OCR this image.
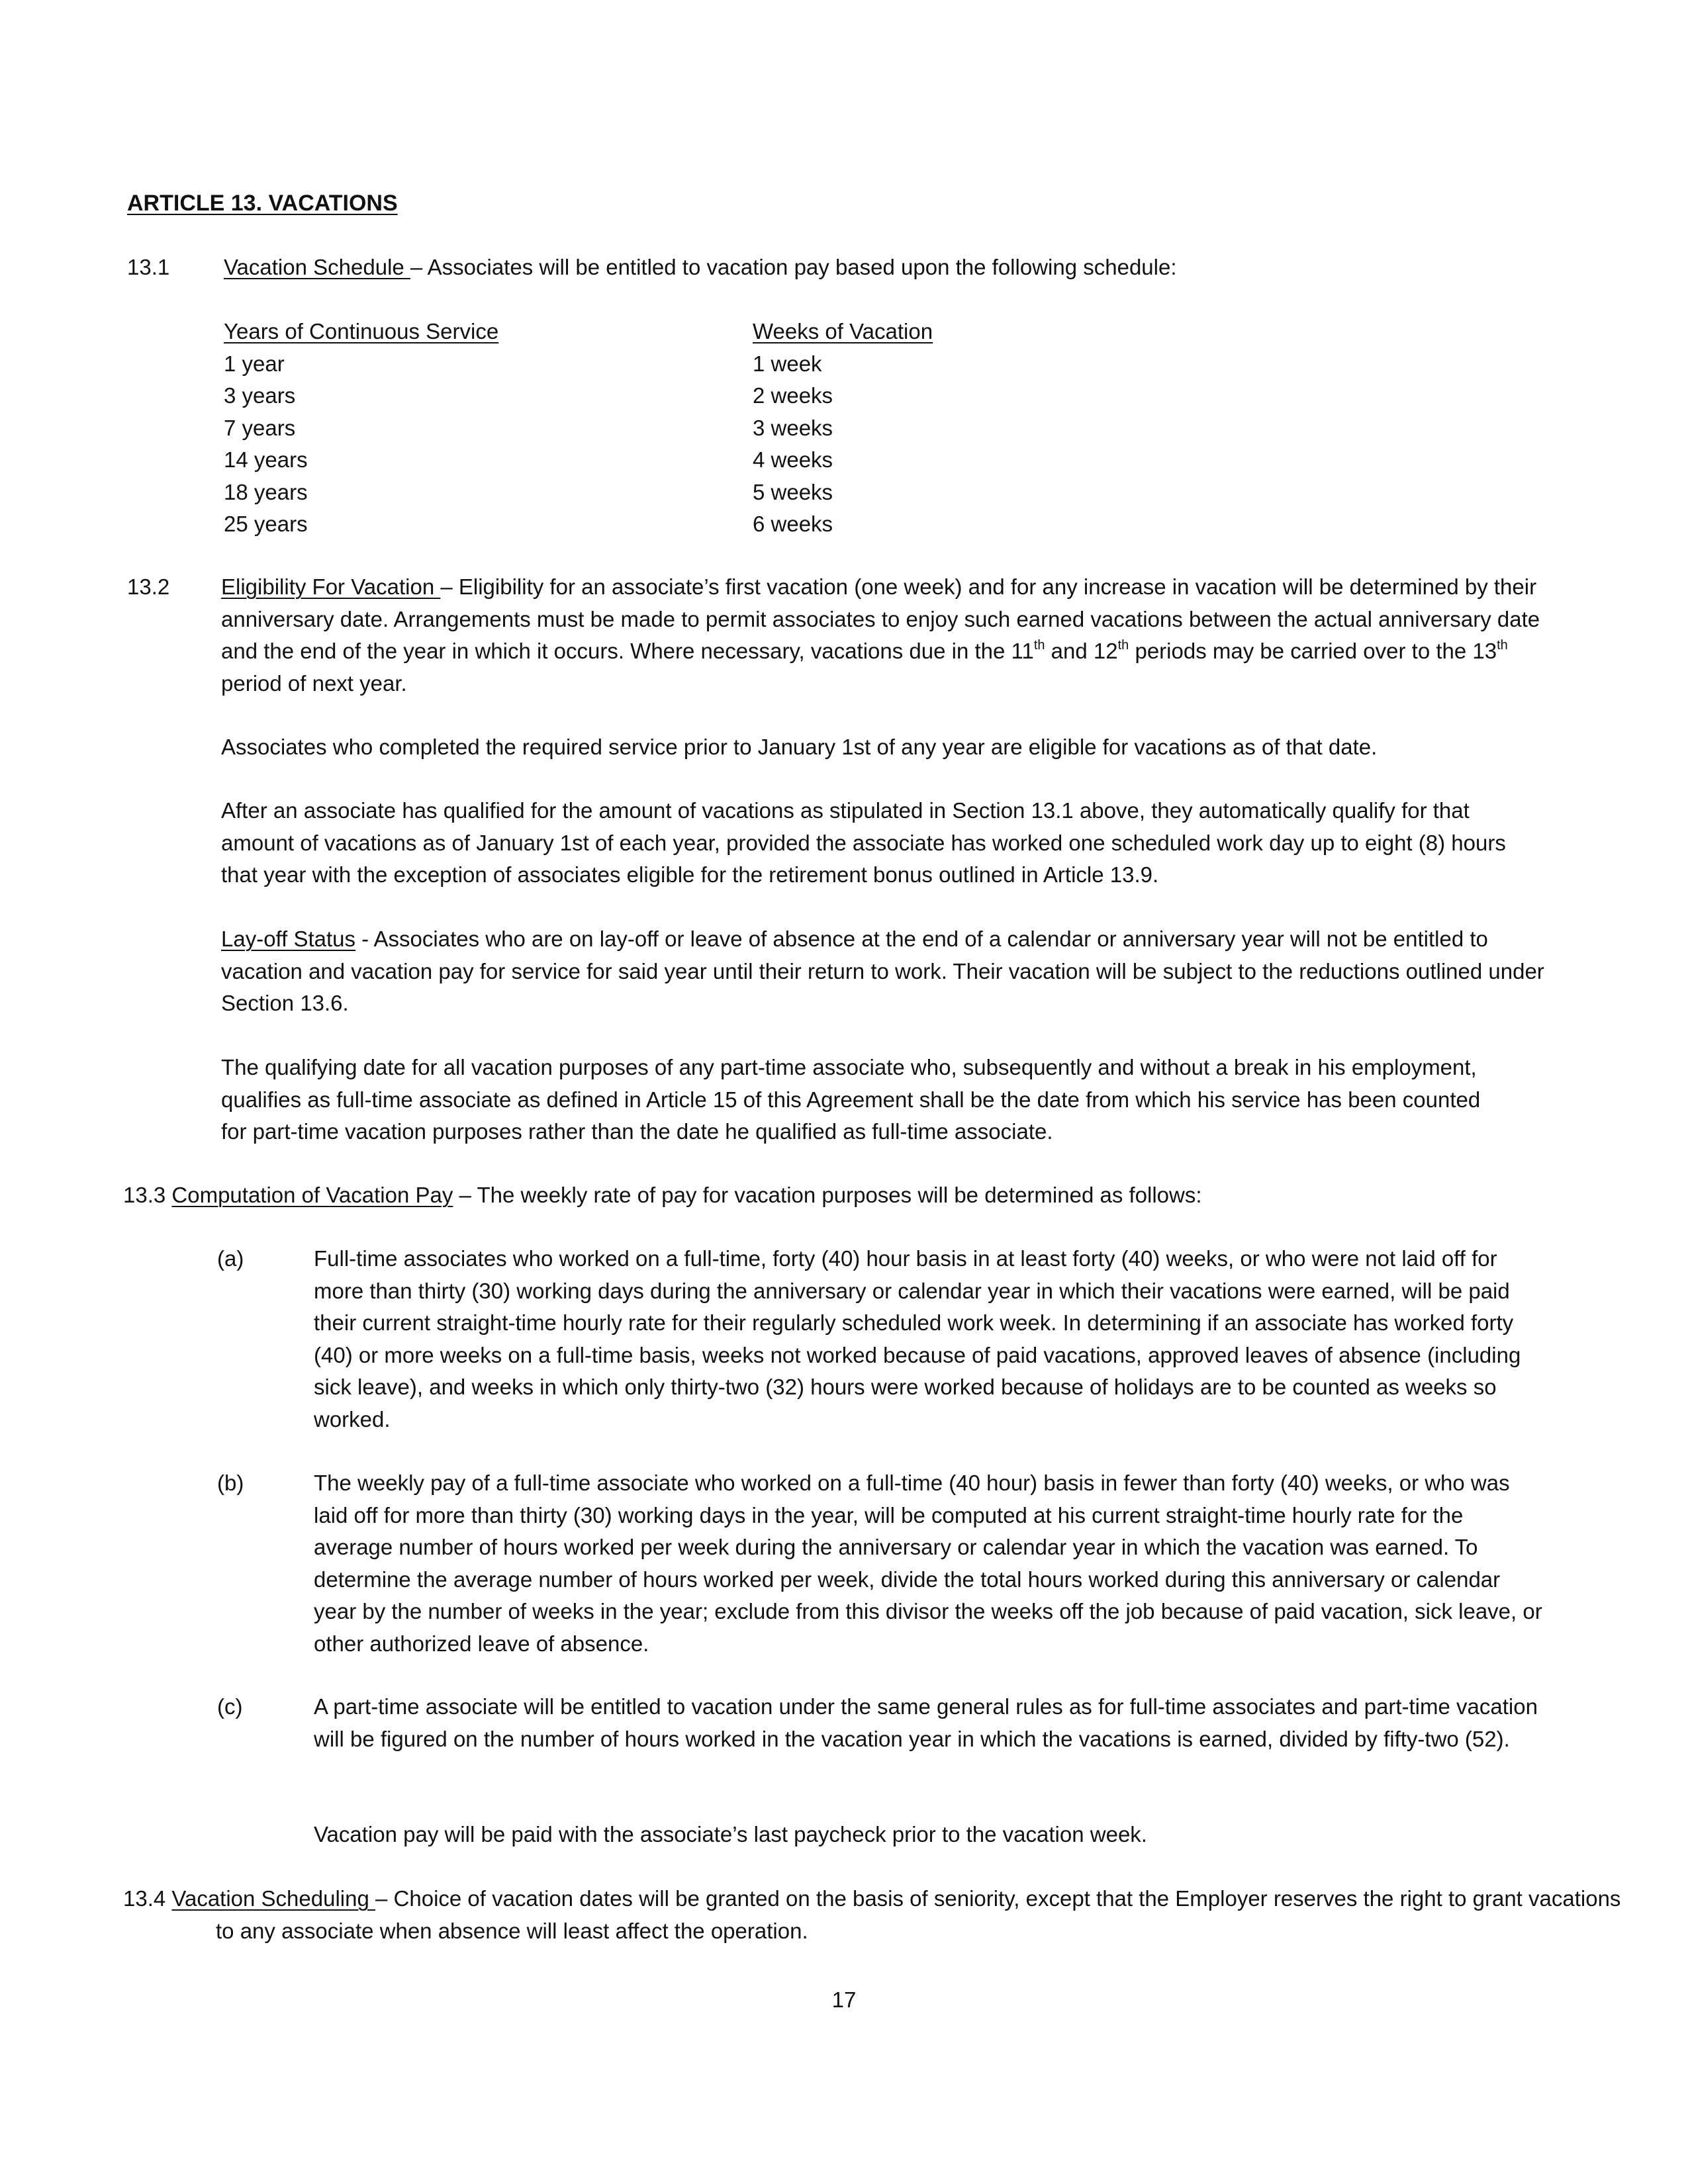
ARTICLE 13. VACATIONS
13.1 Vacation Schedule – Associates will be entitled to vacation pay based upon the following schedule:
Years of Continuous Service	Weeks of Vacation
1 year	1 week
3 years	2 weeks
7 years	3 weeks
14 years	4 weeks
18 years	5 weeks
25 years	6 weeks
13.2 Eligibility For Vacation – Eligibility for an associate’s first vacation (one week) and for any increase in vacation will be determined by their anniversary date. Arrangements must be made to permit associates to enjoy such earned vacations between the actual anniversary date and the end of the year in which it occurs. Where necessary, vacations due in the 11th and 12th periods may be carried over to the 13th period of next year.

Associates who completed the required service prior to January 1st of any year are eligible for vacations as of that date.

After an associate has qualified for the amount of vacations as stipulated in Section 13.1 above, they automatically qualify for that amount of vacations as of January 1st of each year, provided the associate has worked one scheduled work day up to eight (8) hours that year with the exception of associates eligible for the retirement bonus outlined in Article 13.9.

Lay-off Status - Associates who are on lay-off or leave of absence at the end of a calendar or anniversary year will not be entitled to vacation and vacation pay for service for said year until their return to work. Their vacation will be subject to the reductions outlined under Section 13.6.

The qualifying date for all vacation purposes of any part-time associate who, subsequently and without a break in his employment, qualifies as full-time associate as defined in Article 15 of this Agreement shall be the date from which his service has been counted for part-time vacation purposes rather than the date he qualified as full-time associate.

13.3 Computation of Vacation Pay – The weekly rate of pay for vacation purposes will be determined as follows:

(a)	Full-time associates who worked on a full-time, forty (40) hour basis in at least forty (40) weeks, or who were not laid off for more than thirty (30) working days during the anniversary or calendar year in which their vacations were earned, will be paid their current straight-time hourly rate for their regularly scheduled work week. In determining if an associate has worked forty (40) or more weeks on a full-time basis, weeks not worked because of paid vacations, approved leaves of absence (including sick leave), and weeks in which only thirty-two (32) hours were worked because of holidays are to be counted as weeks so worked.

(b)	The weekly pay of a full-time associate who worked on a full-time (40 hour) basis in fewer than forty (40) weeks, or who was laid off for more than thirty (30) working days in the year, will be computed at his current straight-time hourly rate for the average number of hours worked per week during the anniversary or calendar year in which the vacation was earned. To determine the average number of hours worked per week, divide the total hours worked during this anniversary or calendar year by the number of weeks in the year; exclude from this divisor the weeks off the job because of paid vacation, sick leave, or other authorized leave of absence.

(c)	A part-time associate will be entitled to vacation under the same general rules as for full-time associates and part-time vacation will be figured on the number of hours worked in the vacation year in which the vacations is earned, divided by fifty-two (52).

Vacation pay will be paid with the associate’s last paycheck prior to the vacation week.

13.4 Vacation Scheduling – Choice of vacation dates will be granted on the basis of seniority, except that the Employer reserves the right to grant vacations to any associate when absence will least affect the operation.

17
